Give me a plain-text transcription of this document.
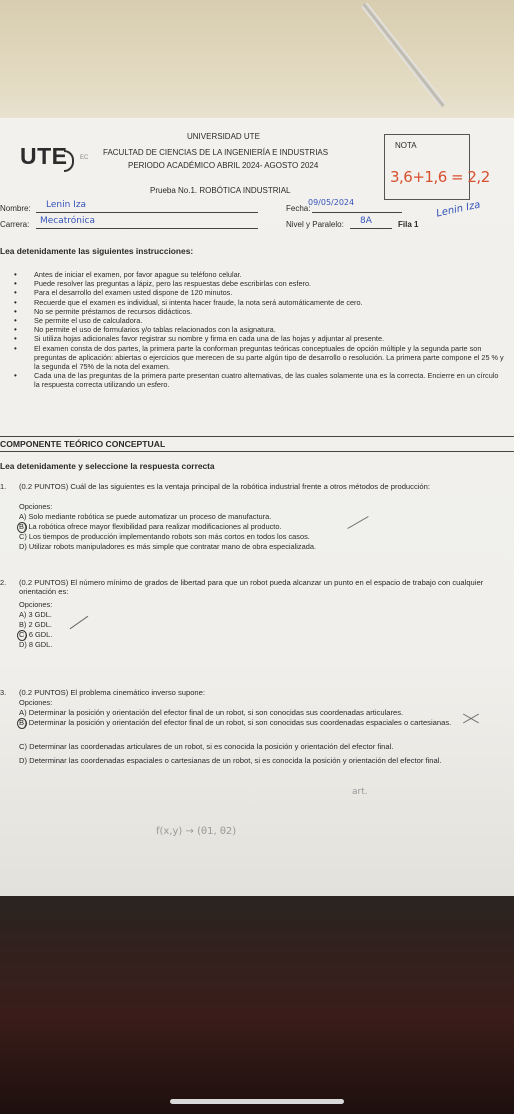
UTE EC
UNIVERSIDAD UTE
FACULTAD DE CIENCIAS DE LA INGENIERÍA E INDUSTRIAS
PERIODO ACADÉMICO ABRIL 2024- AGOSTO 2024
Prueba No.1. ROBÓTICA INDUSTRIAL
NOTA
3,6+1,6 = 2,2
Nombre: Lenin Iza
Carrera: Mecatrónica
Fecha:
09/05/2024
Nivel y Paralelo: 8A	Fila 1
Lenin Iza
Lea detenidamente las siguientes instrucciones:
• Antes de iniciar el examen, por favor apague su teléfono celular.
• Puede resolver las preguntas a lápiz, pero las respuestas debe escribirlas con esfero.
• Para el desarrollo del examen usted dispone de 120 minutos.
• Recuerde que el examen es individual, si intenta hacer fraude, la nota será automáticamente de cero.
• No se permite préstamos de recursos didácticos.
• Se permite el uso de calculadora.
• No permite el uso de formularios y/o tablas relacionados con la asignatura.
• Si utiliza hojas adicionales favor registrar su nombre y firma en cada una de las hojas y adjuntar al presente.
• El examen consta de dos partes, la primera parte la conforman preguntas teóricas conceptuales de opción múltiple y la segunda parte son preguntas de aplicación: abiertas o ejercicios que merecen de su parte algún tipo de desarrollo o resolución. La primera parte compone el 25 % y la segunda el 75% de la nota del examen.
• Cada una de las preguntas de la primera parte presentan cuatro alternativas, de las cuales solamente una es la correcta. Encierre en un círculo la respuesta correcta utilizando un esfero.
COMPONENTE TEÓRICO CONCEPTUAL
Lea detenidamente y seleccione la respuesta correcta
1. (0.2 PUNTOS) Cuál de las siguientes es la ventaja principal de la robótica industrial frente a otros métodos de producción:
Opciones:
A) Solo mediante robótica se puede automatizar un proceso de manufactura.
B) La robótica ofrece mayor flexibilidad para realizar modificaciones al producto.
C) Los tiempos de producción implementando robots son más cortos en todos los casos.
D) Utilizar robots manipuladores es más simple que contratar mano de obra especializada.
2. (0.2 PUNTOS) El número mínimo de grados de libertad para que un robot pueda alcanzar un punto en el espacio de trabajo con cualquier orientación es:
Opciones:
A) 3 GDL.
B) 2 GDL.
C) 6 GDL.
D) 8 GDL.
3. (0.2 PUNTOS) El problema cinemático inverso supone:
Opciones:
A) Determinar la posición y orientación del efector final de un robot, si son conocidas sus coordenadas articulares.
B) Determinar la posición y orientación del efector final de un robot, si son conocidas sus coordenadas espaciales o cartesianas.
C) Determinar las coordenadas articulares de un robot, si es conocida la posición y orientación del efector final.
D) Determinar las coordenadas espaciales o cartesianas de un robot, si es conocida la posición y orientación del efector final.
art.
f(x,y) → (θ1, θ2)
